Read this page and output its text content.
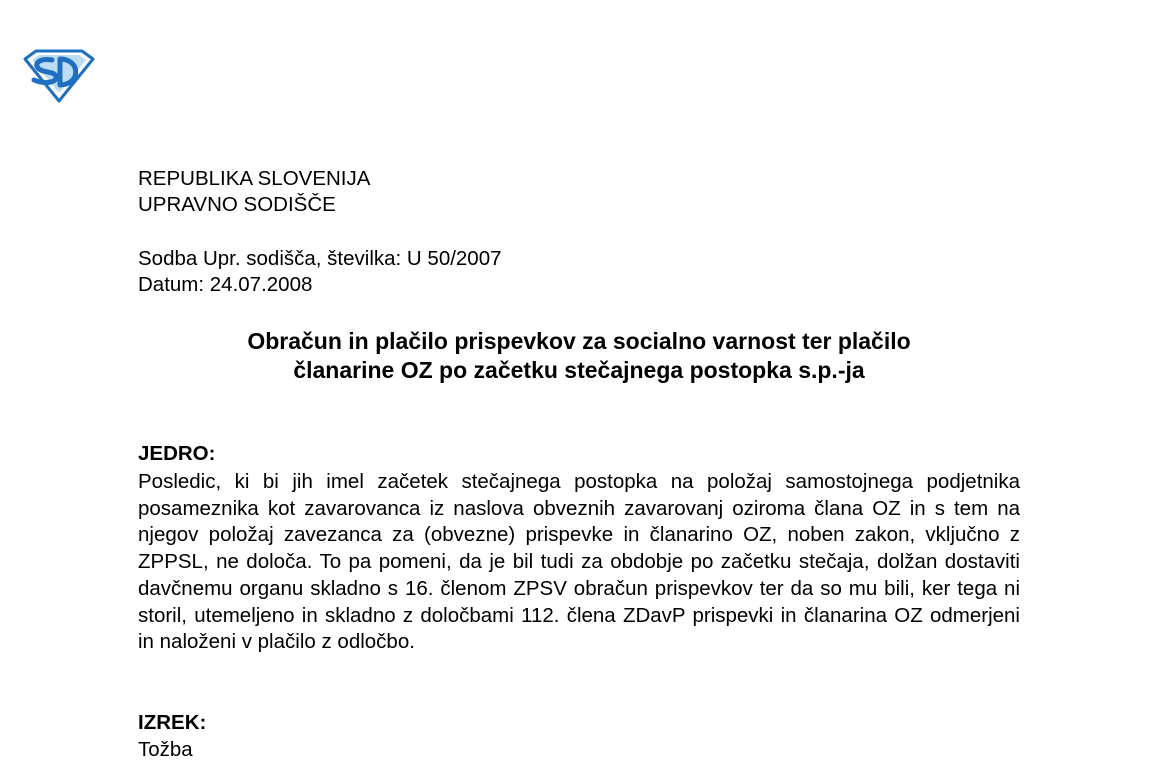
REPUBLIKA SLOVENIJA
UPRAVNO SODIŠČE
Sodba Upr. sodišča, številka: U 50/2007
Datum: 24.07.2008
Obračun in plačilo prispevkov za socialno varnost ter plačilo
članarine OZ po začetku stečajnega postopka s.p.-ja
JEDRO:
Posledic, ki bi jih imel začetek stečajnega postopka na položaj samostojnega podjetnika posameznika kot zavarovanca iz naslova obveznih zavarovanj oziroma člana OZ in s tem na njegov položaj zavezanca za (obvezne) prispevke in članarino OZ, noben zakon, vključno z ZPPSL, ne določa. To pa pomeni, da je bil tudi za obdobje po začetku stečaja, dolžan dostaviti davčnemu organu skladno s 16. členom ZPSV obračun prispevkov ter da so mu bili, ker tega ni storil, utemeljeno in skladno z določbami 112. člena ZDavP prispevki in članarina OZ odmerjeni in naloženi v plačilo z odločbo.
IZREK:
Tožba
